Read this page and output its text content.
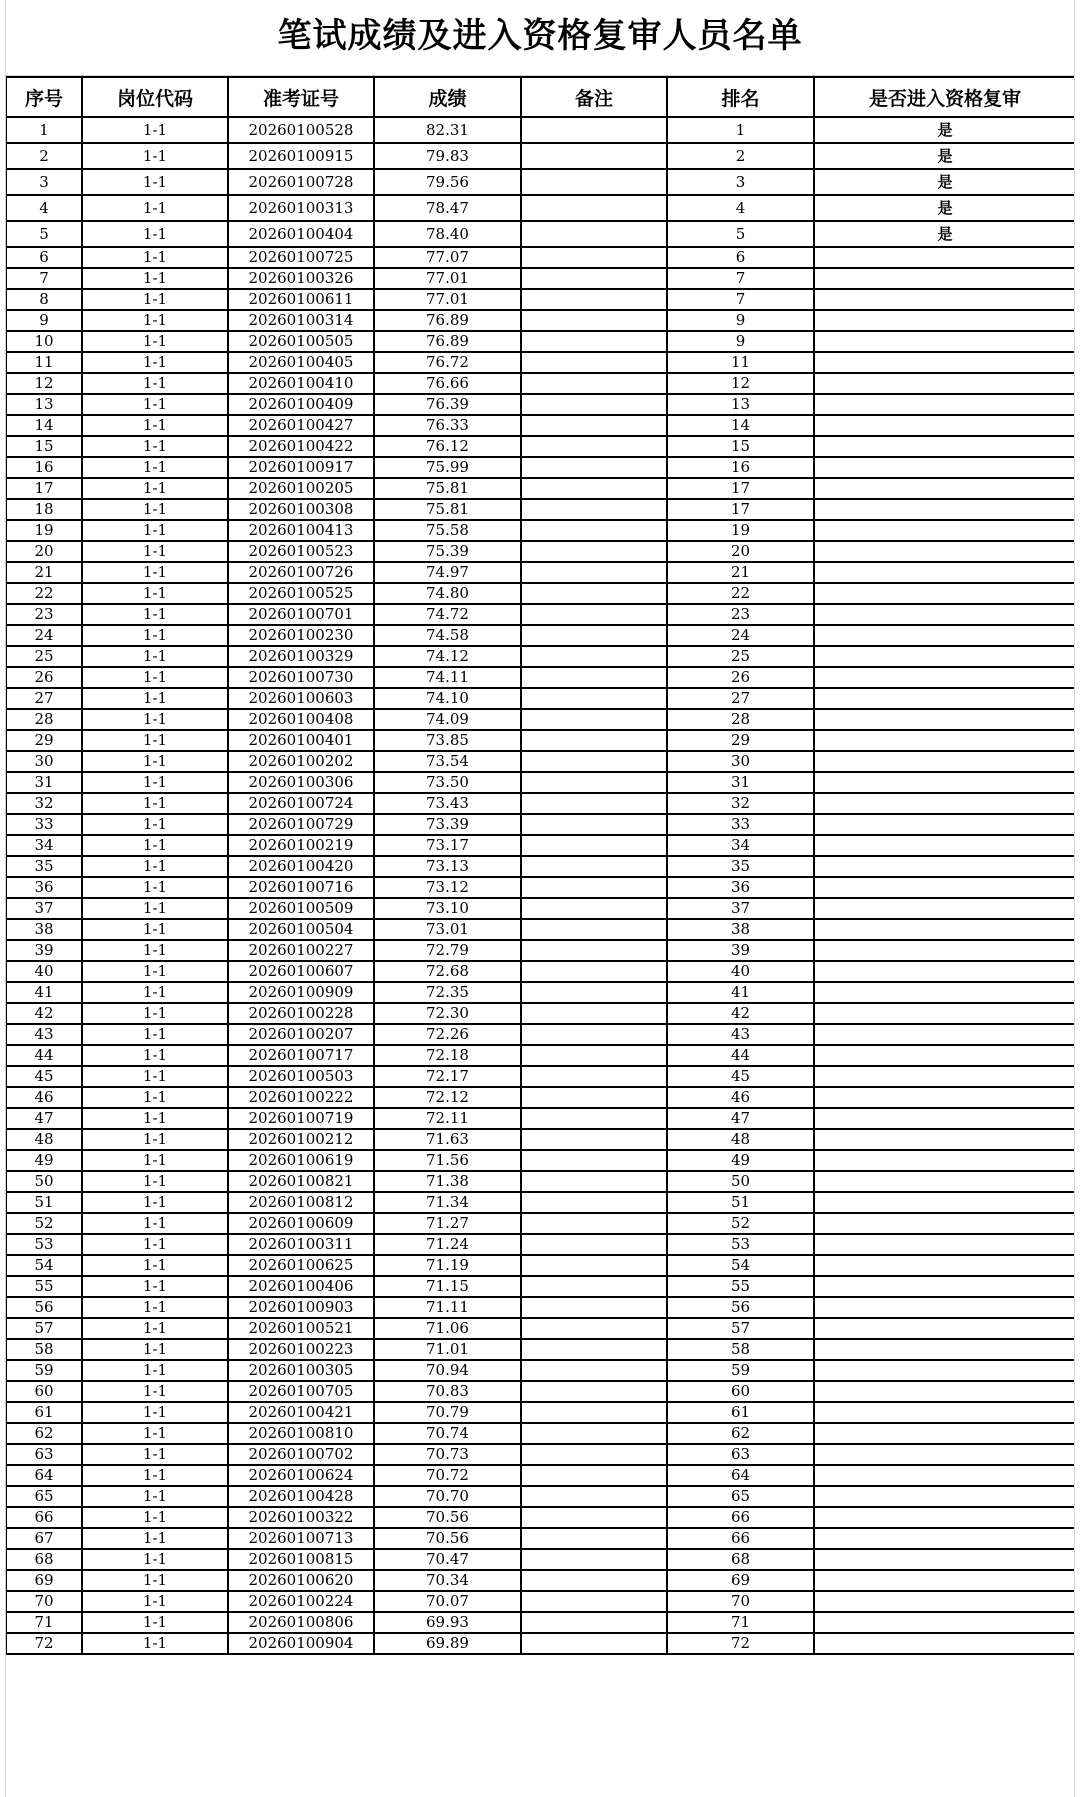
笔试成绩及进入资格复审人员名单
序号	岗位代码	准考证号	成绩	备注	排名	是否进入资格复审
1	1-1	20260100528	82.31		1	是
2	1-1	20260100915	79.83		2	是
3	1-1	20260100728	79.56		3	是
4	1-1	20260100313	78.47		4	是
5	1-1	20260100404	78.40		5	是
6	1-1	20260100725	77.07		6	
7	1-1	20260100326	77.01		7	
8	1-1	20260100611	77.01		7	
9	1-1	20260100314	76.89		9	
10	1-1	20260100505	76.89		9	
11	1-1	20260100405	76.72		11	
12	1-1	20260100410	76.66		12	
13	1-1	20260100409	76.39		13	
14	1-1	20260100427	76.33		14	
15	1-1	20260100422	76.12		15	
16	1-1	20260100917	75.99		16	
17	1-1	20260100205	75.81		17	
18	1-1	20260100308	75.81		17	
19	1-1	20260100413	75.58		19	
20	1-1	20260100523	75.39		20	
21	1-1	20260100726	74.97		21	
22	1-1	20260100525	74.80		22	
23	1-1	20260100701	74.72		23	
24	1-1	20260100230	74.58		24	
25	1-1	20260100329	74.12		25	
26	1-1	20260100730	74.11		26	
27	1-1	20260100603	74.10		27	
28	1-1	20260100408	74.09		28	
29	1-1	20260100401	73.85		29	
30	1-1	20260100202	73.54		30	
31	1-1	20260100306	73.50		31	
32	1-1	20260100724	73.43		32	
33	1-1	20260100729	73.39		33	
34	1-1	20260100219	73.17		34	
35	1-1	20260100420	73.13		35	
36	1-1	20260100716	73.12		36	
37	1-1	20260100509	73.10		37	
38	1-1	20260100504	73.01		38	
39	1-1	20260100227	72.79		39	
40	1-1	20260100607	72.68		40	
41	1-1	20260100909	72.35		41	
42	1-1	20260100228	72.30		42	
43	1-1	20260100207	72.26		43	
44	1-1	20260100717	72.18		44	
45	1-1	20260100503	72.17		45	
46	1-1	20260100222	72.12		46	
47	1-1	20260100719	72.11		47	
48	1-1	20260100212	71.63		48	
49	1-1	20260100619	71.56		49	
50	1-1	20260100821	71.38		50	
51	1-1	20260100812	71.34		51	
52	1-1	20260100609	71.27		52	
53	1-1	20260100311	71.24		53	
54	1-1	20260100625	71.19		54	
55	1-1	20260100406	71.15		55	
56	1-1	20260100903	71.11		56	
57	1-1	20260100521	71.06		57	
58	1-1	20260100223	71.01		58	
59	1-1	20260100305	70.94		59	
60	1-1	20260100705	70.83		60	
61	1-1	20260100421	70.79		61	
62	1-1	20260100810	70.74		62	
63	1-1	20260100702	70.73		63	
64	1-1	20260100624	70.72		64	
65	1-1	20260100428	70.70		65	
66	1-1	20260100322	70.56		66	
67	1-1	20260100713	70.56		66	
68	1-1	20260100815	70.47		68	
69	1-1	20260100620	70.34		69	
70	1-1	20260100224	70.07		70	
71	1-1	20260100806	69.93		71	
72	1-1	20260100904	69.89		72	
